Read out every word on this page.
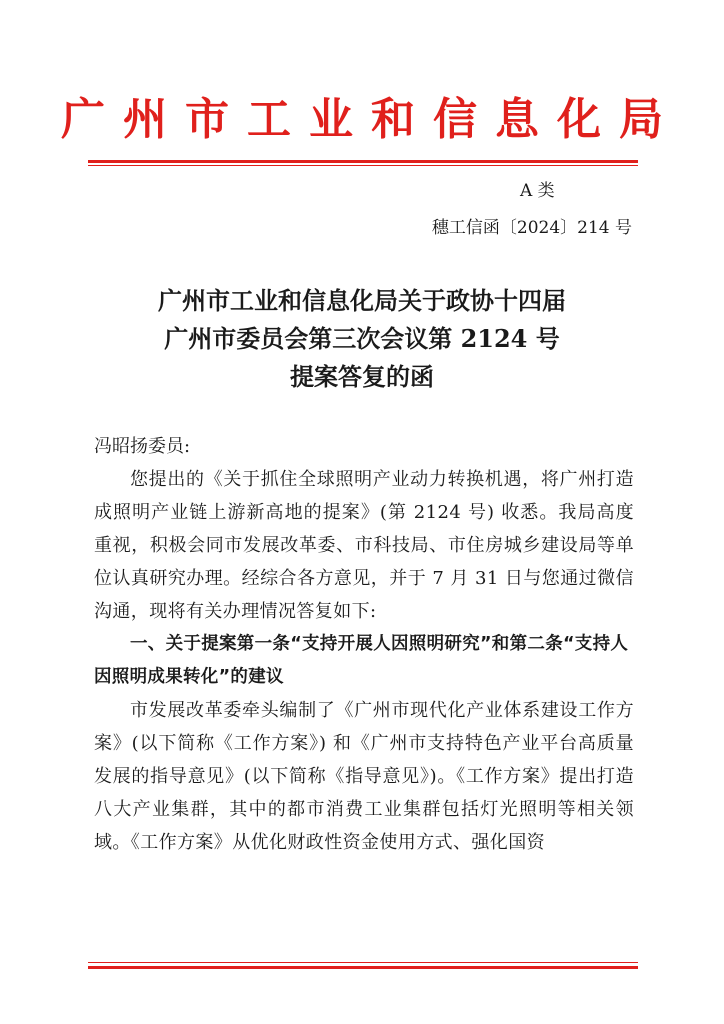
广州市工业和信息化局
A 类
穗工信函〔2024〕214 号
广州市工业和信息化局关于政协十四届
广州市委员会第三次会议第 2124 号
提案答复的函

冯昭扬委员:

您提出的《关于抓住全球照明产业动力转换机遇，将广州打造成照明产业链上游新高地的提案》(第 2124 号) 收悉。我局高度重视，积极会同市发展改革委、市科技局、市住房城乡建设局等单位认真研究办理。经综合各方意见，并于 7 月 31 日与您通过微信沟通，现将有关办理情况答复如下:

一、关于提案第一条“支持开展人因照明研究”和第二条“支持人因照明成果转化”的建议

市发展改革委牵头编制了《广州市现代化产业体系建设工作方案》(以下简称《工作方案》) 和《广州市支持特色产业平台高质量发展的指导意见》(以下简称《指导意见》)。《工作方案》提出打造八大产业集群，其中的都市消费工业集群包括灯光照明等相关领域。《工作方案》从优化财政性资金使用方式、强化国资
